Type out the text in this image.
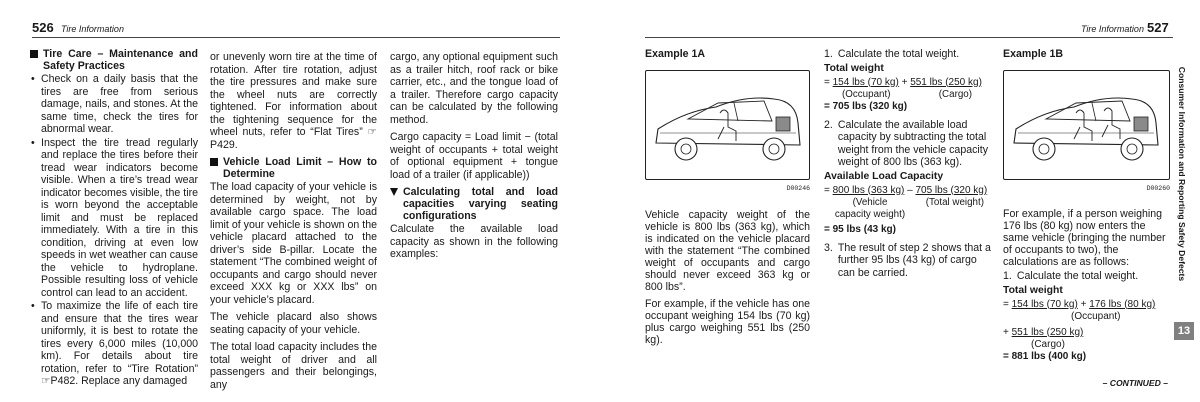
526 Tire Information
Tire Care – Maintenance and Safety Practices
• Check on a daily basis that the tires are free from serious damage, nails, and stones. At the same time, check the tires for abnormal wear.
• Inspect the tire tread regularly and replace the tires before their tread wear indicators become visible. When a tire’s tread wear indicator becomes visible, the tire is worn beyond the acceptable limit and must be replaced immediately. With a tire in this condition, driving at even low speeds in wet weather can cause the vehicle to hydroplane. Possible resulting loss of vehicle control can lead to an accident.
• To maximize the life of each tire and ensure that the tires wear uniformly, it is best to rotate the tires every 6,000 miles (10,000 km). For details about tire rotation, refer to “Tire Rotation” ☞P482. Replace any damaged

or unevenly worn tire at the time of rotation. After tire rotation, adjust the tire pressures and make sure the wheel nuts are correctly tightened. For information about the tightening sequence for the wheel nuts, refer to “Flat Tires” ☞P429.

Vehicle Load Limit – How to Determine

The load capacity of your vehicle is determined by weight, not by available cargo space. The load limit of your vehicle is shown on the vehicle placard attached to the driver’s side B-pillar. Locate the statement “The combined weight of occupants and cargo should never exceed XXX kg or XXX lbs” on your vehicle’s placard.

The vehicle placard also shows seating capacity of your vehicle.

The total load capacity includes the total weight of driver and all passengers and their belongings, any

cargo, any optional equipment such as a trailer hitch, roof rack or bike carrier, etc., and the tongue load of a trailer. Therefore cargo capacity can be calculated by the following method.

Cargo capacity = Load limit − (total weight of occupants + total weight of optional equipment + tongue load of a trailer (if applicable))

Calculating total and load capacities varying seating configurations

Calculate the available load capacity as shown in the following examples:

Tire Information 527
Example 1A
D00246

Vehicle capacity weight of the vehicle is 800 lbs (363 kg), which is indicated on the vehicle placard with the statement “The combined weight of occupants and cargo should never exceed 363 kg or 800 lbs”.

For example, if the vehicle has one occupant weighing 154 lbs (70 kg) plus cargo weighing 551 lbs (250 kg).

1. Calculate the total weight.
Total weight
= 154 lbs (70 kg) + 551 lbs (250 kg)
(Occupant)	(Cargo)
= 705 lbs (320 kg)
2. Calculate the available load capacity by subtracting the total weight from the vehicle capacity weight of 800 lbs (363 kg).
Available Load Capacity
= 800 lbs (363 kg) – 705 lbs (320 kg)
(Vehicle capacity weight)
(Total weight)
= 95 lbs (43 kg)
3. The result of step 2 shows that a further 95 lbs (43 kg) of cargo can be carried.
Example 1B
D00260

For example, if a person weighing 176 lbs (80 kg) now enters the same vehicle (bringing the number of occupants to two), the calculations are as follows:

1. Calculate the total weight.
Total weight
= 154 lbs (70 kg) + 176 lbs (80 kg)
(Occupant)
+ 551 lbs (250 kg)
(Cargo)
= 881 lbs (400 kg)
Consumer Information and Reporting Safety Defects
13
– CONTINUED –
